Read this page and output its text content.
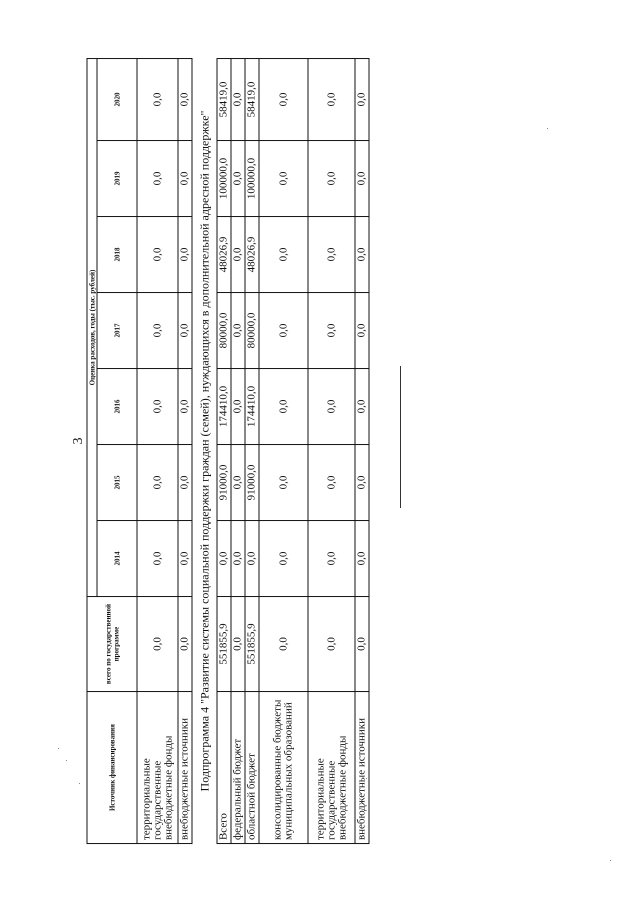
3
Источник финансирования	всего по государственной программе	Оценка расходов, годы (тыс. рублей)						
		2014	2015	2016	2017	2018	2019	2020
территориальные государственные внебюджетные фонды	0,0	0,0	0,0	0,0	0,0	0,0	0,0	0,0
внебюджетные источники	0,0	0,0	0,0	0,0	0,0	0,0	0,0	0,0
Подпрограмма 4 "Развитие системы социальной поддержки граждан (семей), нуждающихся в дополнительной адресной поддержке"								
Всего	551855,9	0,0	91000,0	174410,0	80000,0	48026,9	100000,0	58419,0
федеральный бюджет	0,0	0,0	0,0	0,0	0,0	0,0	0,0	0,0
областной бюджет	551855,9	0,0	91000,0	174410,0	80000,0	48026,9	100000,0	58419,0
консолидированные бюджеты муниципальных образований	0,0	0,0	0,0	0,0	0,0	0,0	0,0	0,0
территориальные государственные внебюджетные фонды	0,0	0,0	0,0	0,0	0,0	0,0	0,0	0,0
внебюджетные источники	0,0	0,0	0,0	0,0	0,0	0,0	0,0	0,0
